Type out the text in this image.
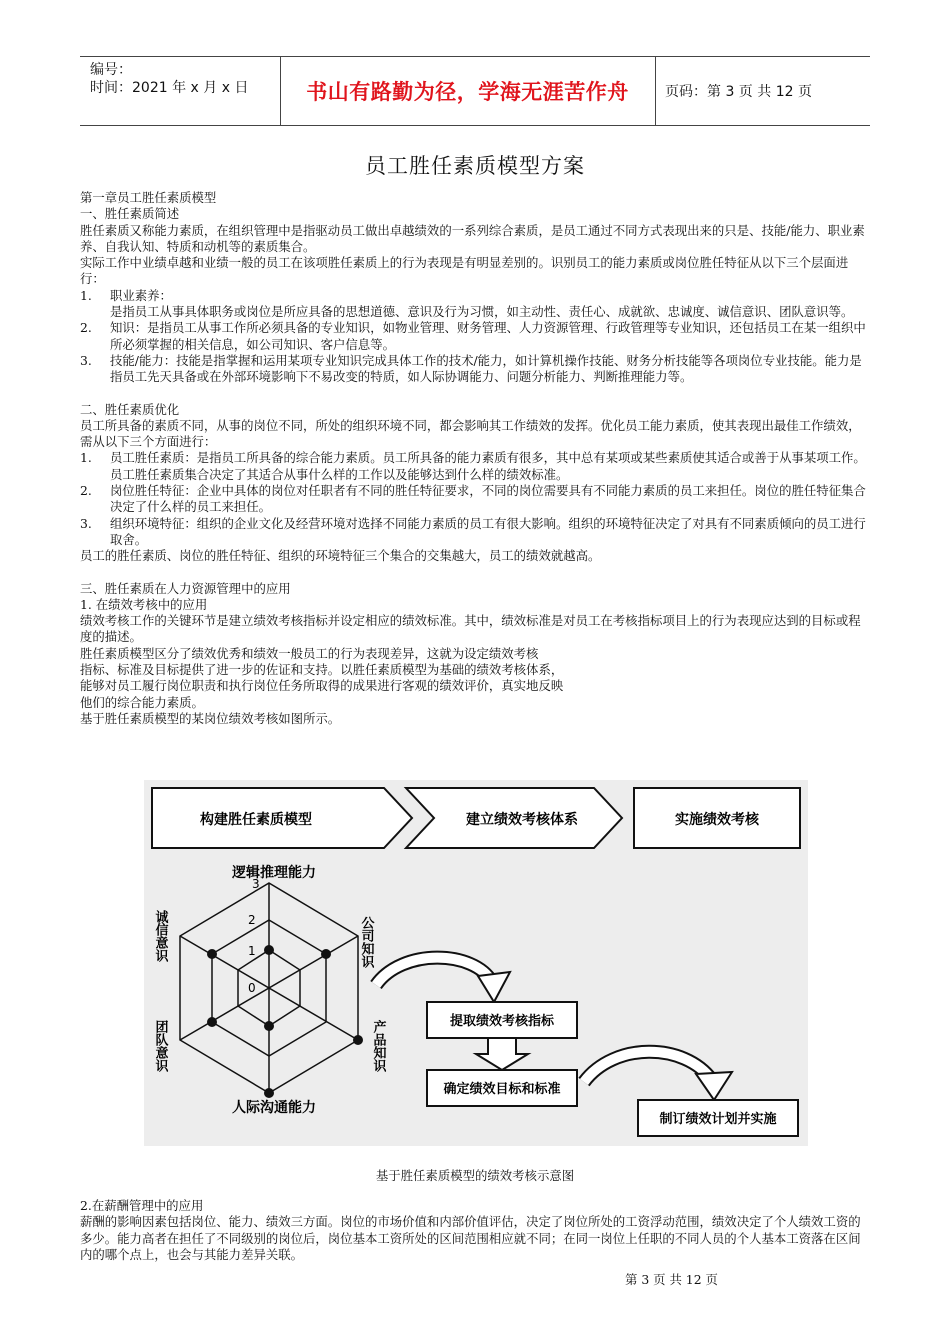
编号：
时间：2021 年 x 月 x 日	书山有路勤为径，学海无涯苦作舟	页码：第 3 页 共 12 页
员工胜任素质模型方案

第一章员工胜任素质模型

一、胜任素质简述

胜任素质又称能力素质，在组织管理中是指驱动员工做出卓越绩效的一系列综合素质，是员工通过不同方式表现出来的只是、技能/能力、职业素养、自我认知、特质和动机等的素质集合。

实际工作中业绩卓越和业绩一般的员工在该项胜任素质上的行为表现是有明显差别的。识别员工的能力素质或岗位胜任特征从以下三个层面进行：

1.	职业素养：

是指员工从事具体职务或岗位是所应具备的思想道德、意识及行为习惯，如主动性、责任心、成就欲、忠诚度、诚信意识、团队意识等。

2.	知识：是指员工从事工作所必须具备的专业知识，如物业管理、财务管理、人力资源管理、行政管理等专业知识，还包括员工在某一组织中所必须掌握的相关信息，如公司知识、客户信息等。
3.	技能/能力：技能是指掌握和运用某项专业知识完成具体工作的技术/能力，如计算机操作技能、财务分析技能等各项岗位专业技能。能力是指员工先天具备或在外部环境影响下不易改变的特质，如人际协调能力、问题分析能力、判断推理能力等。

二、胜任素质优化

员工所具备的素质不同，从事的岗位不同，所处的组织环境不同，都会影响其工作绩效的发挥。优化员工能力素质，使其表现出最佳工作绩效，需从以下三个方面进行：

1.	员工胜任素质：是指员工所具备的综合能力素质。员工所具备的能力素质有很多，其中总有某项或某些素质使其适合或善于从事某项工作。员工胜任素质集合决定了其适合从事什么样的工作以及能够达到什么样的绩效标准。
2.	岗位胜任特征：企业中具体的岗位对任职者有不同的胜任特征要求，不同的岗位需要具有不同能力素质的员工来担任。岗位的胜任特征集合决定了什么样的员工来担任。
3.	组织环境特征：组织的企业文化及经营环境对选择不同能力素质的员工有很大影响。组织的环境特征决定了对具有不同素质倾向的员工进行取舍。

员工的胜任素质、岗位的胜任特征、组织的环境特征三个集合的交集越大，员工的绩效就越高。

三、胜任素质在人力资源管理中的应用

1. 在绩效考核中的应用

绩效考核工作的关键环节是建立绩效考核指标并设定相应的绩效标准。其中，绩效标准是对员工在考核指标项目上的行为表现应达到的目标或程度的描述。

胜任素质模型区分了绩效优秀和绩效一般员工的行为表现差异，这就为设定绩效考核

指标、标准及目标提供了进一步的佐证和支持。以胜任素质模型为基础的绩效考核体系，

能够对员工履行岗位职责和执行岗位任务所取得的成果进行客观的绩效评价，真实地反映

他们的综合能力素质。

基于胜任素质模型的某岗位绩效考核如图所示。

构建胜任素质模型	建立绩效考核体系	实施绩效考核
3
2
1
0
逻辑推理能力
人际沟通能力
公司知识
产品知识
诚信意识
团队意识	提取绩效考核指标
确定绩效目标和标准
制订绩效计划并实施
基于胜任素质模型的绩效考核示意图

2.在薪酬管理中的应用

薪酬的影响因素包括岗位、能力、绩效三方面。岗位的市场价值和内部价值评估，决定了岗位所处的工资浮动范围，绩效决定了个人绩效工资的多少。能力高者在担任了不同级别的岗位后，岗位基本工资所处的区间范围相应就不同；在同一岗位上任职的不同人员的个人基本工资落在区间内的哪个点上，也会与其能力差异关联。

第 3 页 共 12 页
